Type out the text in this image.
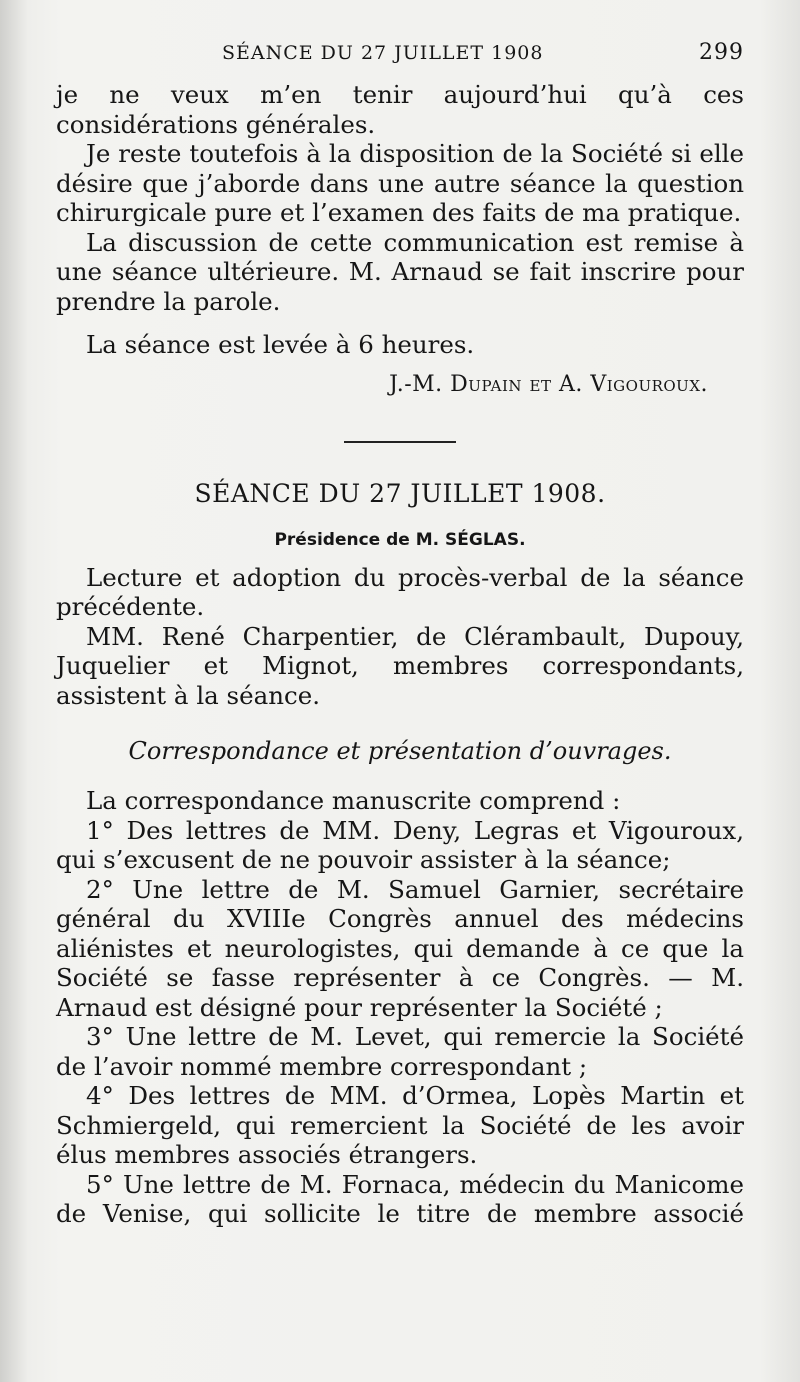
SÉANCE DU 27 JUILLET 1908	299

je ne veux m’en tenir aujourd’hui qu’à ces considérations générales.

Je reste toutefois à la disposition de la Société si elle désire que j’aborde dans une autre séance la question chirurgicale pure et l’examen des faits de ma pratique.

La discussion de cette communication est remise à une séance ultérieure. M. Arnaud se fait inscrire pour prendre la parole.

La séance est levée à 6 heures.

J.-M. Dupain et A. Vigouroux.
SÉANCE DU 27 JUILLET 1908.
Présidence de M. SÉGLAS.

Lecture et adoption du procès-verbal de la séance précédente.

MM. René Charpentier, de Clérambault, Dupouy, Juquelier et Mignot, membres correspondants, assistent à la séance.

Correspondance et présentation d’ouvrages.

La correspondance manuscrite comprend :

1° Des lettres de MM. Deny, Legras et Vigouroux, qui s’excusent de ne pouvoir assister à la séance;

2° Une lettre de M. Samuel Garnier, secrétaire général du XVIIIe Congrès annuel des médecins aliénistes et neurologistes, qui demande à ce que la Société se fasse représenter à ce Congrès. — M. Arnaud est désigné pour représenter la Société ;

3° Une lettre de M. Levet, qui remercie la Société de l’avoir nommé membre correspondant ;

4° Des lettres de MM. d’Ormea, Lopès Martin et Schmiergeld, qui remercient la Société de les avoir élus membres associés étrangers.

5° Une lettre de M. Fornaca, médecin du Manicome de Venise, qui sollicite le titre de membre associé
